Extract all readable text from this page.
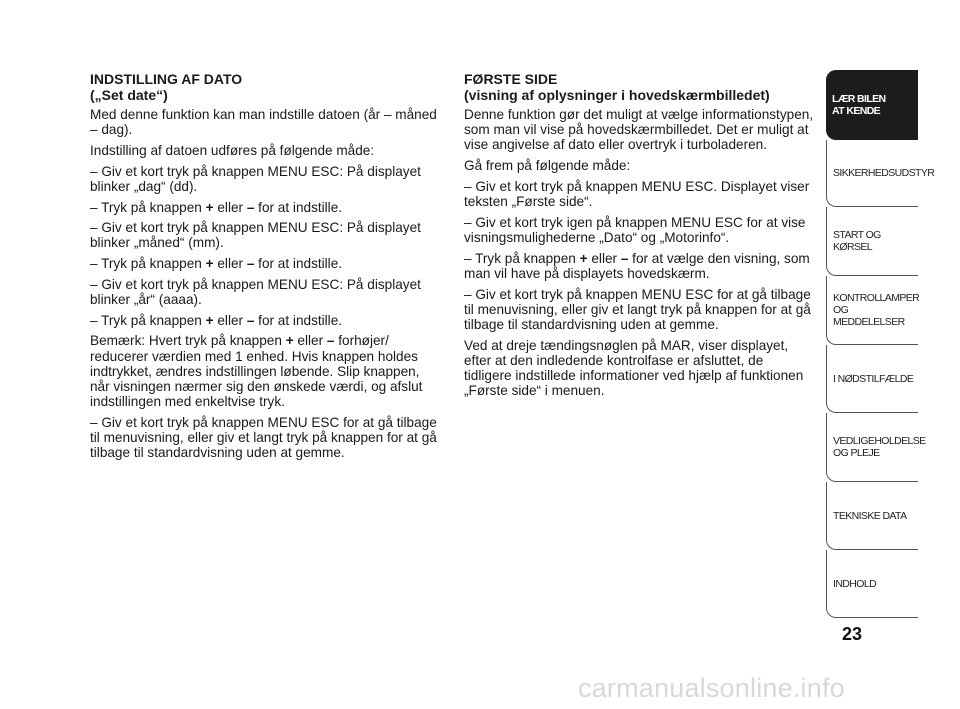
INDSTILLING AF DATO
(„Set date“)

Med denne funktion kan man indstille datoen (år – måned – dag).

Indstilling af datoen udføres på følgende måde:

– Giv et kort tryk på knappen MENU ESC: På displayet blinker „dag“ (dd).

– Tryk på knappen + eller – for at indstille.

– Giv et kort tryk på knappen MENU ESC: På displayet blinker „måned“ (mm).

– Tryk på knappen + eller – for at indstille.

– Giv et kort tryk på knappen MENU ESC: På displayet blinker „år“ (aaaa).

– Tryk på knappen + eller – for at indstille.

Bemærk: Hvert tryk på knappen + eller – forhøjer/ reducerer værdien med 1 enhed. Hvis knappen holdes indtrykket, ændres indstillingen løbende. Slip knappen, når visningen nærmer sig den ønskede værdi, og afslut indstillingen med enkeltvise tryk.

– Giv et kort tryk på knappen MENU ESC for at gå tilbage til menuvisning, eller giv et langt tryk på knappen for at gå tilbage til standardvisning uden at gemme.

FØRSTE SIDE
(visning af oplysninger i hovedskærmbilledet)

Denne funktion gør det muligt at vælge informationstypen, som man vil vise på hovedskærmbilledet. Det er muligt at vise angivelse af dato eller overtryk i turboladeren.

Gå frem på følgende måde:

– Giv et kort tryk på knappen MENU ESC. Displayet viser teksten „Første side“.

– Giv et kort tryk igen på knappen MENU ESC for at vise visningsmulighederne „Dato“ og „Motorinfo“.

– Tryk på knappen + eller – for at vælge den visning, som man vil have på displayets hovedskærm.

– Giv et kort tryk på knappen MENU ESC for at gå tilbage til menuvisning, eller giv et langt tryk på knappen for at gå tilbage til standardvisning uden at gemme.

Ved at dreje tændingsnøglen på MAR, viser displayet, efter at den indledende kontrolfase er afsluttet, de tidligere indstillede informationer ved hjælp af funktionen „Første side“ i menuen.

LÆR BILEN
AT KENDE
SIKKERHEDSUDSTYR
START OG KØRSEL
KONTROLLAMPER
OG MEDDELELSER
I NØDSTILFÆLDE
VEDLIGEHOLDELSE
OG PLEJE
TEKNISKE DATA
INDHOLD
23
carmanualsonline.info
